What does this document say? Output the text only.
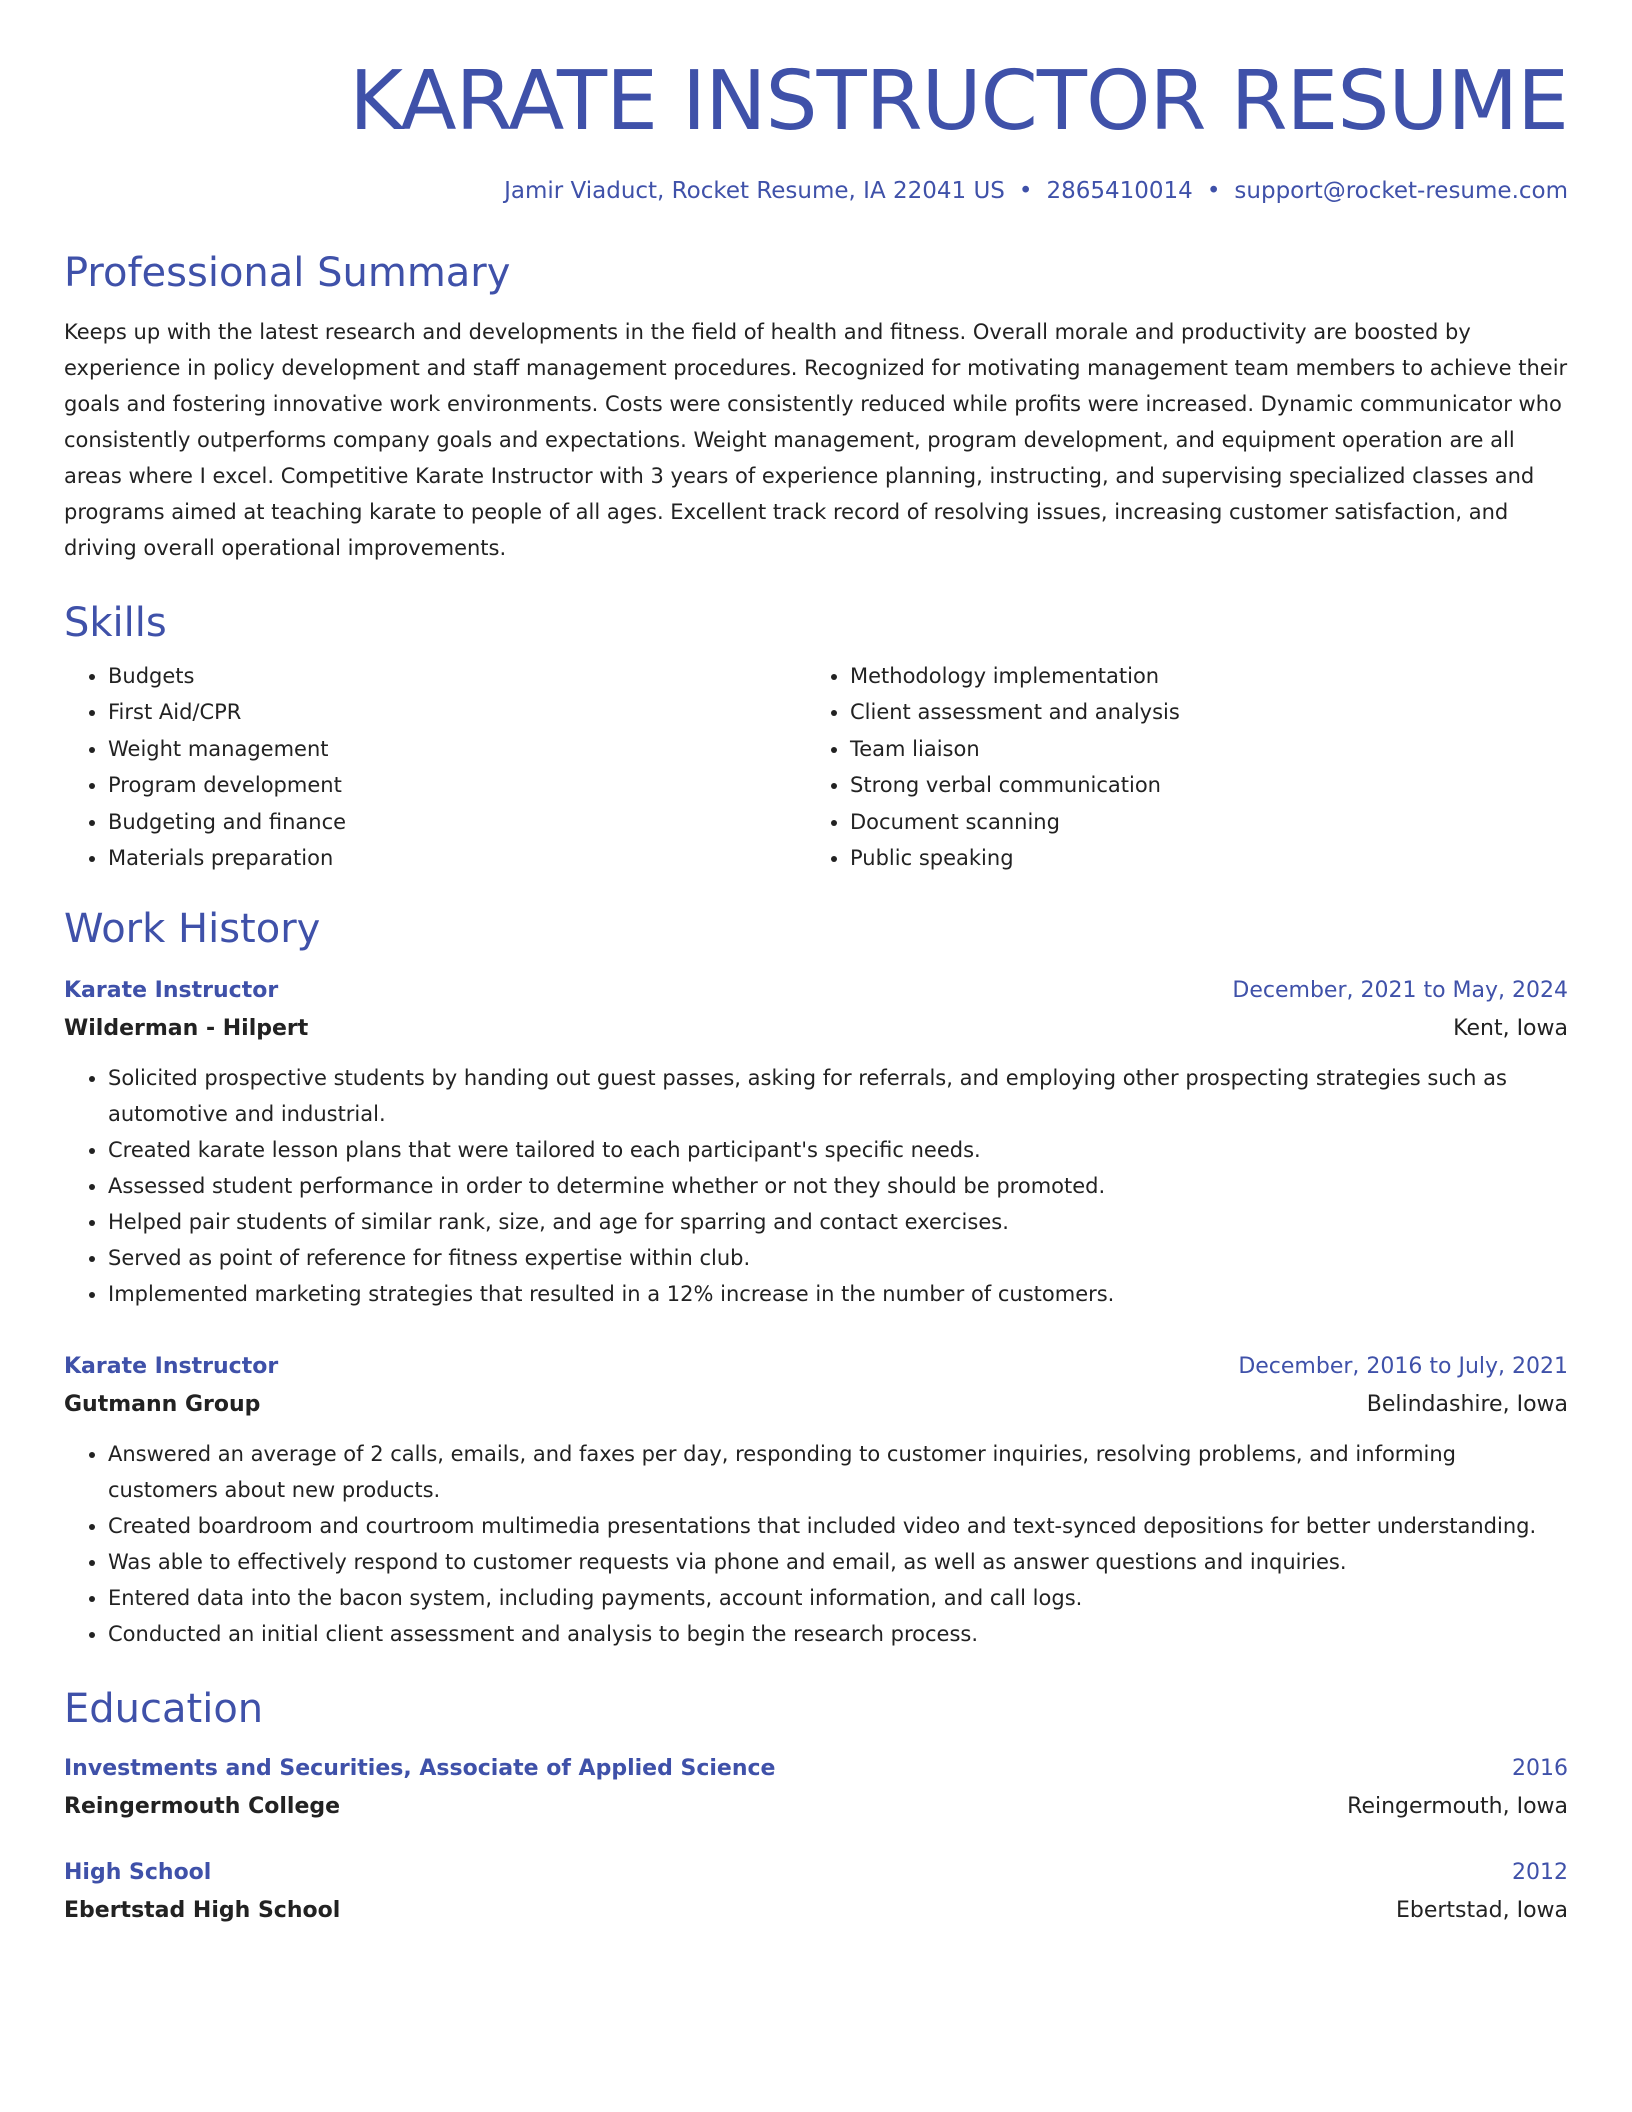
KARATE INSTRUCTOR RESUME
Jamir Viaduct, Rocket Resume, IA 22041 US • 2865410014 • support@rocket-resume.com
Professional Summary

Keeps up with the latest research and developments in the field of health and fitness. Overall morale and productivity are boosted by experience in policy development and staff management procedures. Recognized for motivating management team members to achieve their goals and fostering innovative work environments. Costs were consistently reduced while profits were increased. Dynamic communicator who consistently outperforms company goals and expectations. Weight management, program development, and equipment operation are all areas where I excel. Competitive Karate Instructor with 3 years of experience planning, instructing, and supervising specialized classes and programs aimed at teaching karate to people of all ages. Excellent track record of resolving issues, increasing customer satisfaction, and driving overall operational improvements.

Skills
• Budgets
• First Aid/CPR
• Weight management
• Program development
• Budgeting and finance
• Materials preparation
• Methodology implementation
• Client assessment and analysis
• Team liaison
• Strong verbal communication
• Document scanning
• Public speaking
Work History
Karate Instructor	December, 2021 to May, 2024
Wilderman - Hilpert	Kent, Iowa
• Solicited prospective students by handing out guest passes, asking for referrals, and employing other prospecting strategies such as automotive and industrial.
• Created karate lesson plans that were tailored to each participant's specific needs.
• Assessed student performance in order to determine whether or not they should be promoted.
• Helped pair students of similar rank, size, and age for sparring and contact exercises.
• Served as point of reference for fitness expertise within club.
• Implemented marketing strategies that resulted in a 12% increase in the number of customers.
Karate Instructor	December, 2016 to July, 2021
Gutmann Group	Belindashire, Iowa
• Answered an average of 2 calls, emails, and faxes per day, responding to customer inquiries, resolving problems, and informing customers about new products.
• Created boardroom and courtroom multimedia presentations that included video and text-synced depositions for better understanding.
• Was able to effectively respond to customer requests via phone and email, as well as answer questions and inquiries.
• Entered data into the bacon system, including payments, account information, and call logs.
• Conducted an initial client assessment and analysis to begin the research process.
Education
Investments and Securities, Associate of Applied Science	2016
Reingermouth College	Reingermouth, Iowa
High School	2012
Ebertstad High School	Ebertstad, Iowa
